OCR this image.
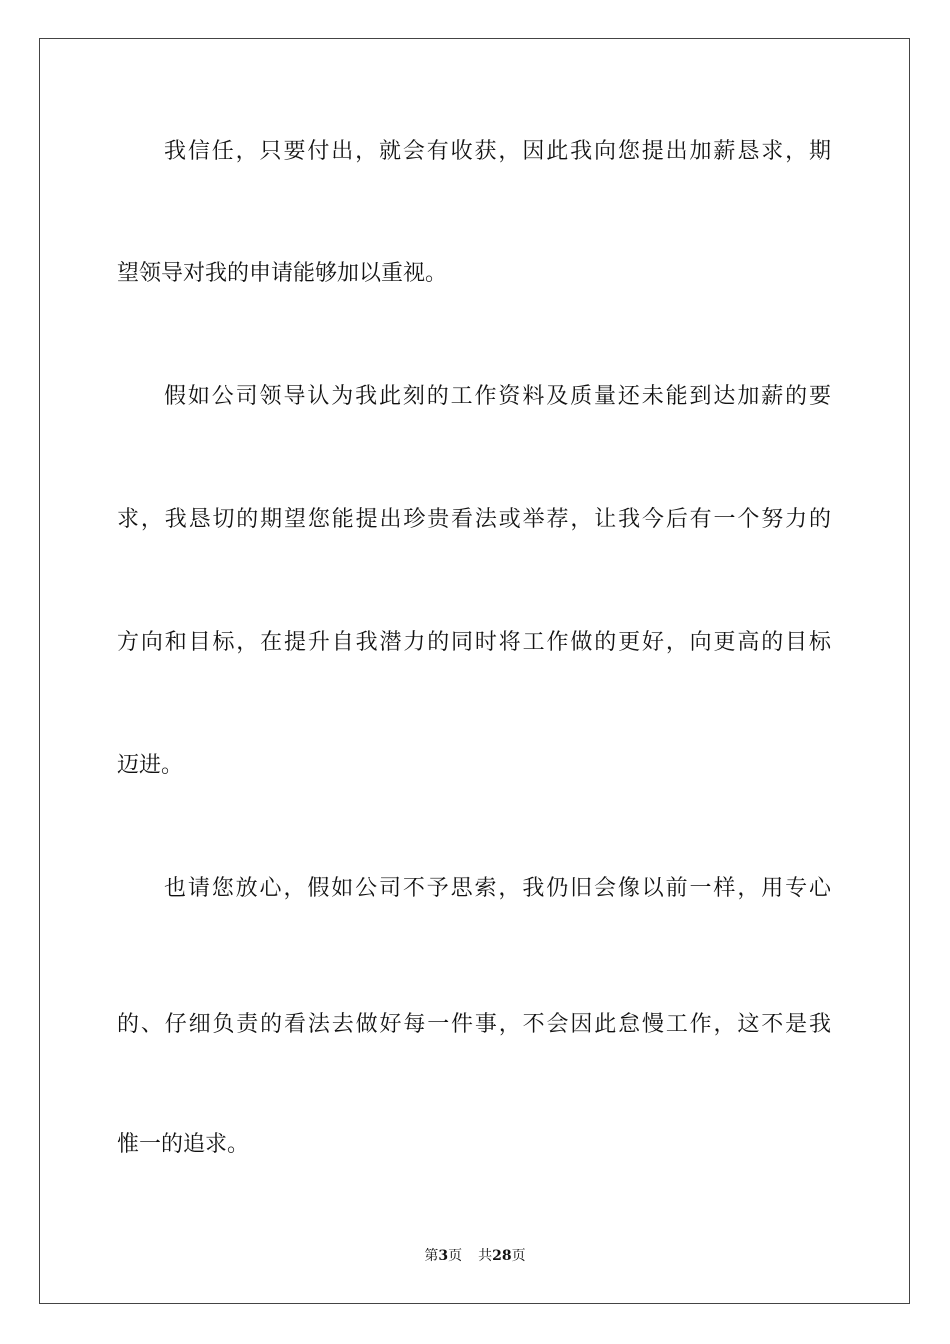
我信任，只要付出，就会有收获，因此我向您提出加薪恳求，期
望领导对我的申请能够加以重视。
假如公司领导认为我此刻的工作资料及质量还未能到达加薪的要
求，我恳切的期望您能提出珍贵看法或举荐，让我今后有一个努力的
方向和目标，在提升自我潜力的同时将工作做的更好，向更高的目标
迈进。
也请您放心，假如公司不予思索，我仍旧会像以前一样，用专心
的、仔细负责的看法去做好每一件事，不会因此怠慢工作，这不是我
惟一的追求。
第3页 共28页
